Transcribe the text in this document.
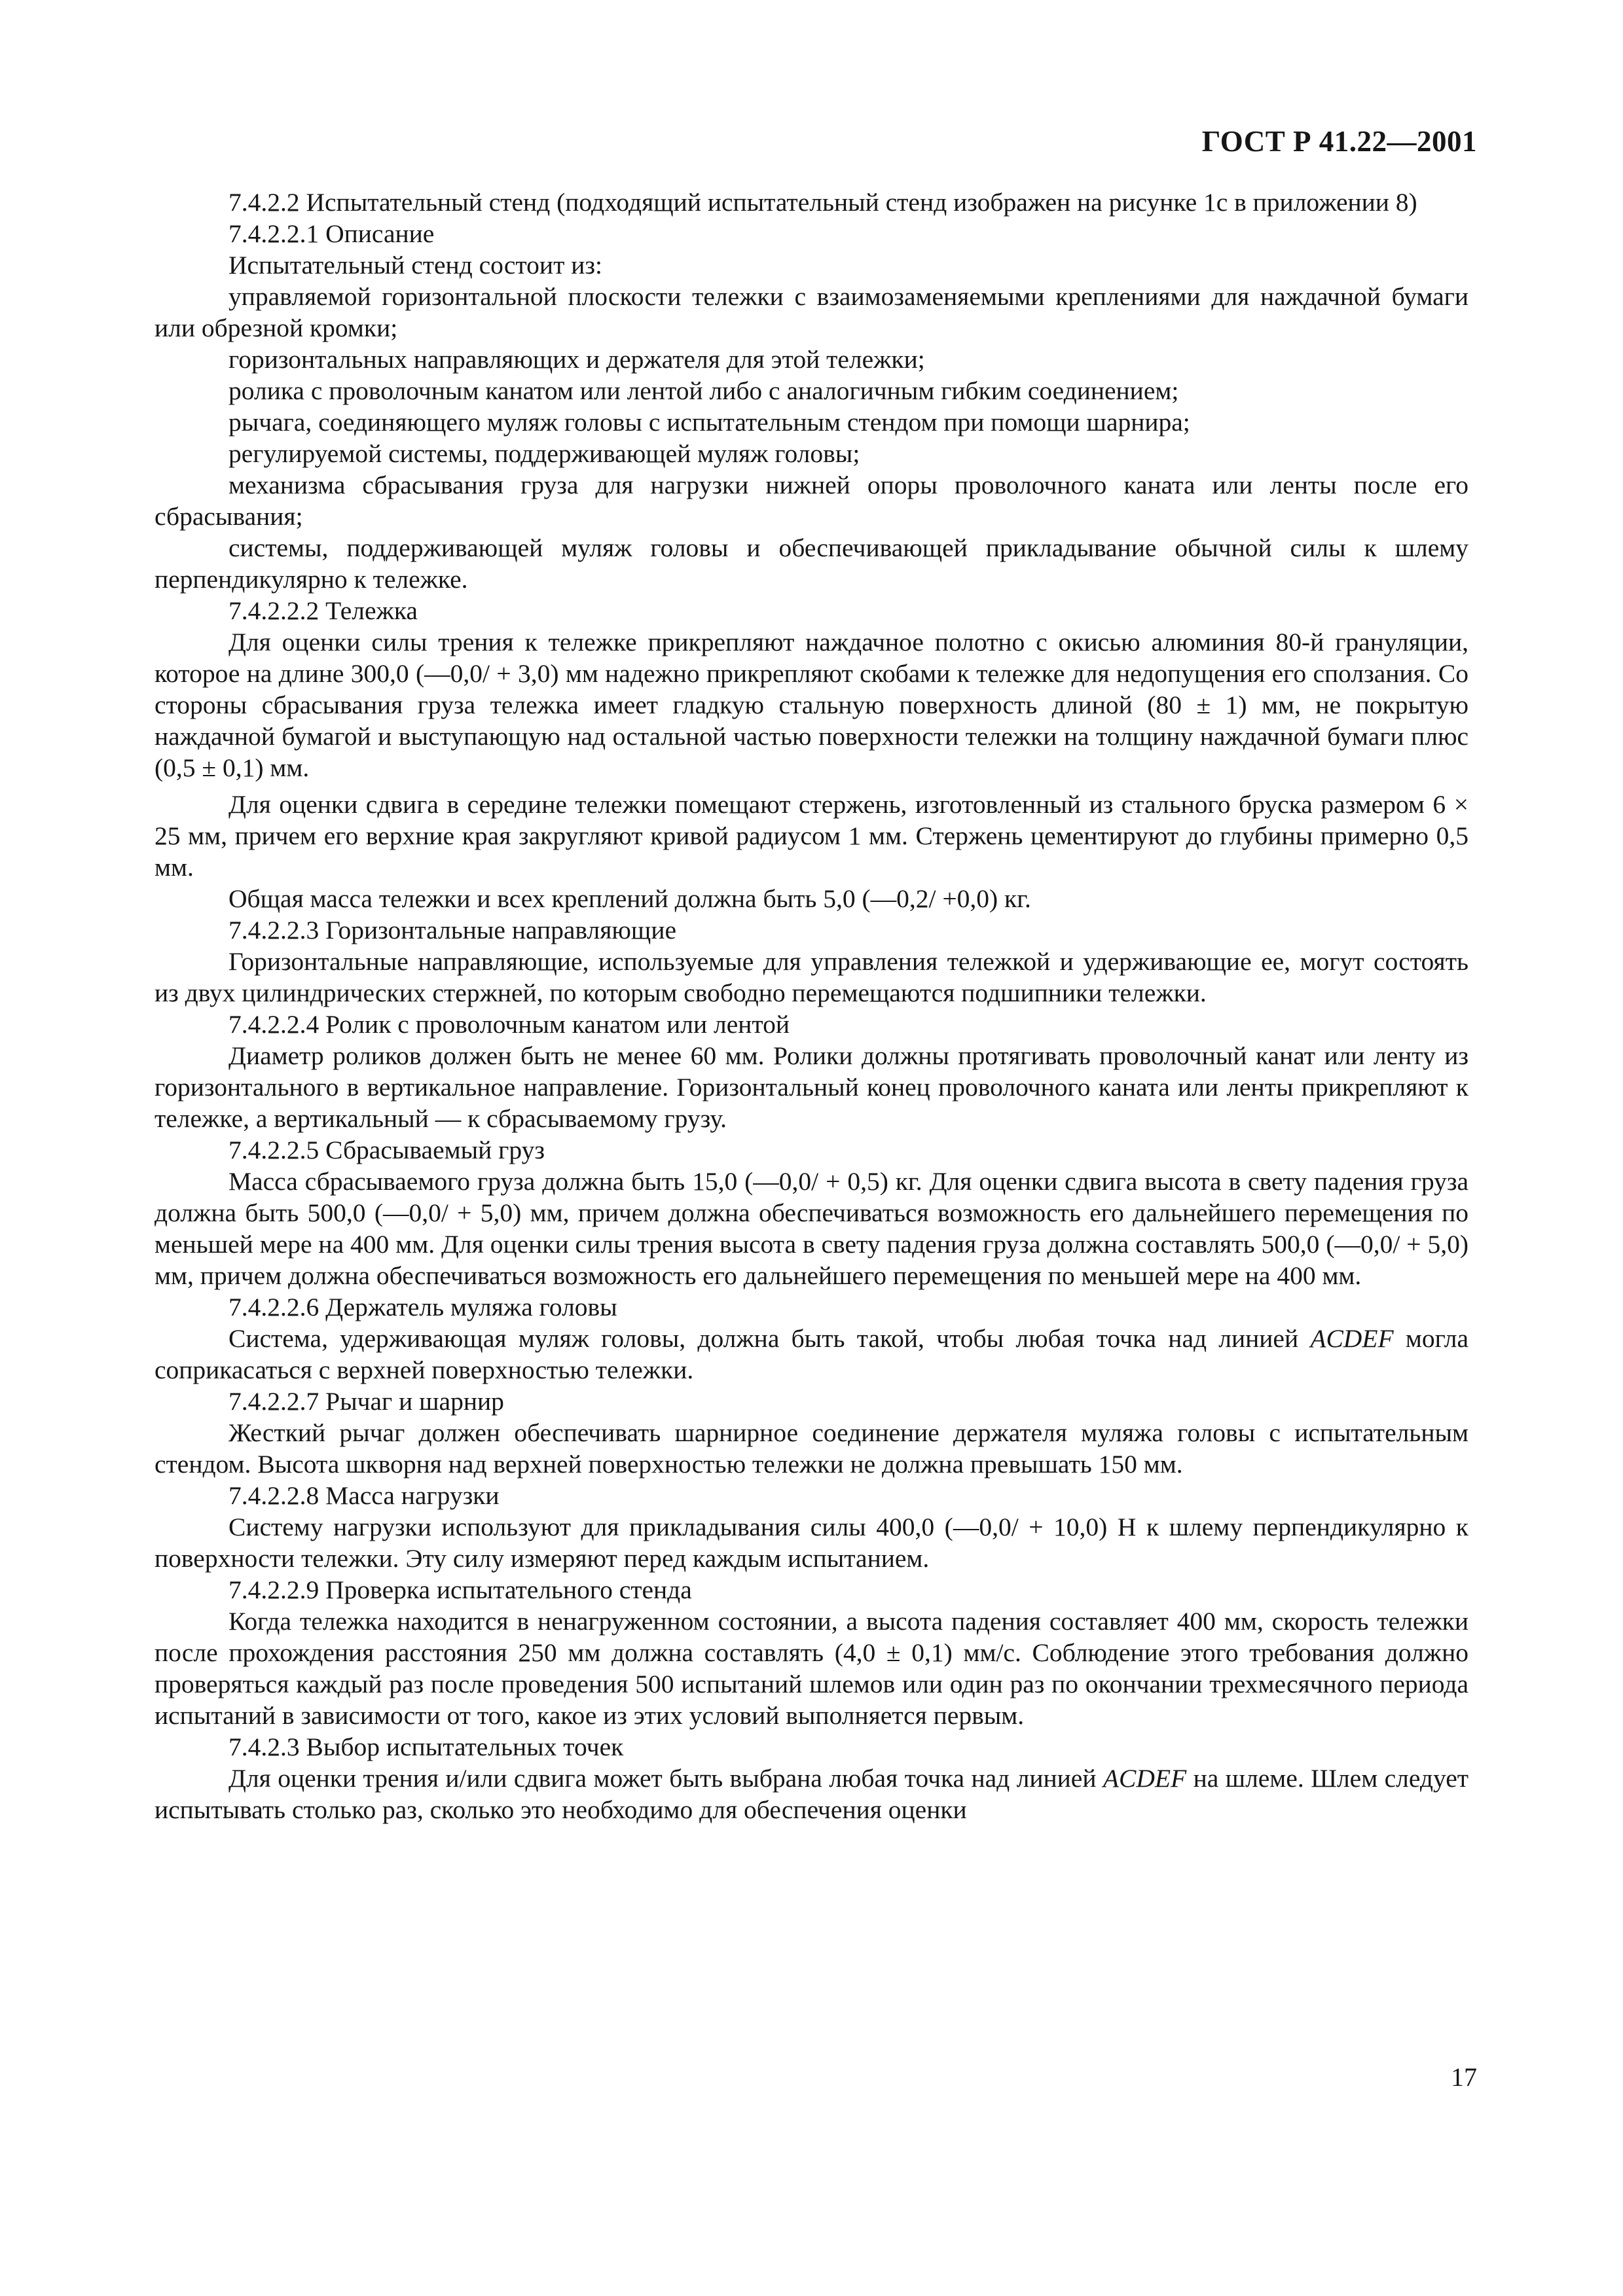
ГОСТ Р 41.22—2001

7.4.2.2 Испытательный стенд (подходящий испытательный стенд изображен на рисунке 1с в приложении 8)

7.4.2.2.1 Описание

Испытательный стенд состоит из:

управляемой горизонтальной плоскости тележки с взаимозаменяемыми креплениями для наждачной бумаги или обрезной кромки;

горизонтальных направляющих и держателя для этой тележки;

ролика с проволочным канатом или лентой либо с аналогичным гибким соединением;

рычага, соединяющего муляж головы с испытательным стендом при помощи шарнира;

регулируемой системы, поддерживающей муляж головы;

механизма сбрасывания груза для нагрузки нижней опоры проволочного каната или ленты после его сбрасывания;

системы, поддерживающей муляж головы и обеспечивающей прикладывание обычной силы к шлему перпендикулярно к тележке.

7.4.2.2.2 Тележка

Для оценки силы трения к тележке прикрепляют наждачное полотно с окисью алюминия 80-й грануляции, которое на длине 300,0 (—0,0/ + 3,0) мм надежно прикрепляют скобами к тележке для недопущения его сползания. Со стороны сбрасывания груза тележка имеет гладкую стальную поверхность длиной (80 ± 1) мм, не покрытую наждачной бумагой и выступающую над остальной частью поверхности тележки на толщину наждачной бумаги плюс (0,5 ± 0,1) мм.

Для оценки сдвига в середине тележки помещают стержень, изготовленный из стального бруска размером 6 × 25 мм, причем его верхние края закругляют кривой радиусом 1 мм. Стержень цементируют до глубины примерно 0,5 мм.

Общая масса тележки и всех креплений должна быть 5,0 (—0,2/ +0,0) кг.

7.4.2.2.3 Горизонтальные направляющие

Горизонтальные направляющие, используемые для управления тележкой и удерживающие ее, могут состоять из двух цилиндрических стержней, по которым свободно перемещаются подшипники тележки.

7.4.2.2.4 Ролик с проволочным канатом или лентой

Диаметр роликов должен быть не менее 60 мм. Ролики должны протягивать проволочный канат или ленту из горизонтального в вертикальное направление. Горизонтальный конец проволочного каната или ленты прикрепляют к тележке, а вертикальный — к сбрасываемому грузу.

7.4.2.2.5 Сбрасываемый груз

Масса сбрасываемого груза должна быть 15,0 (—0,0/ + 0,5) кг. Для оценки сдвига высота в свету падения груза должна быть 500,0 (—0,0/ + 5,0) мм, причем должна обеспечиваться возможность его дальнейшего перемещения по меньшей мере на 400 мм. Для оценки силы трения высота в свету падения груза должна составлять 500,0 (—0,0/ + 5,0) мм, причем должна обеспечиваться возможность его дальнейшего перемещения по меньшей мере на 400 мм.

7.4.2.2.6 Держатель муляжа головы

Система, удерживающая муляж головы, должна быть такой, чтобы любая точка над линией ACDEF могла соприкасаться с верхней поверхностью тележки.

7.4.2.2.7 Рычаг и шарнир

Жесткий рычаг должен обеспечивать шарнирное соединение держателя муляжа головы с испытательным стендом. Высота шкворня над верхней поверхностью тележки не должна превышать 150 мм.

7.4.2.2.8 Масса нагрузки

Систему нагрузки используют для прикладывания силы 400,0 (—0,0/ + 10,0) Н к шлему перпендикулярно к поверхности тележки. Эту силу измеряют перед каждым испытанием.

7.4.2.2.9 Проверка испытательного стенда

Когда тележка находится в ненагруженном состоянии, а высота падения составляет 400 мм, скорость тележки после прохождения расстояния 250 мм должна составлять (4,0 ± 0,1) мм/с. Соблюдение этого требования должно проверяться каждый раз после проведения 500 испытаний шлемов или один раз по окончании трехмесячного периода испытаний в зависимости от того, какое из этих условий выполняется первым.

7.4.2.3 Выбор испытательных точек

Для оценки трения и/или сдвига может быть выбрана любая точка над линией ACDEF на шлеме. Шлем следует испытывать столько раз, сколько это необходимо для обеспечения оценки

17
